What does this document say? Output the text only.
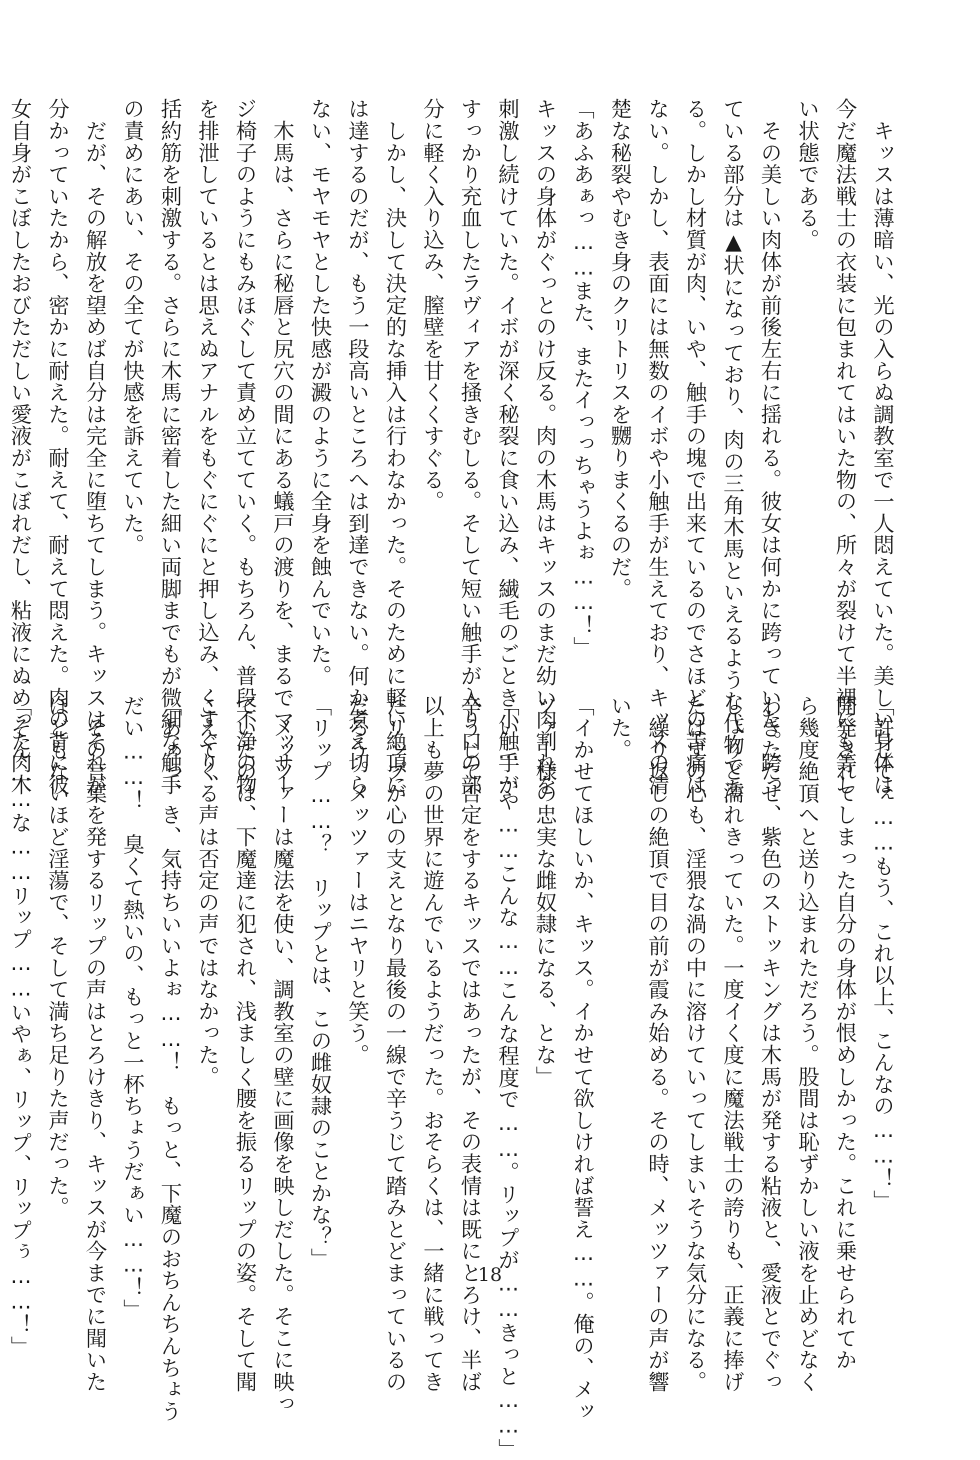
　キッスは薄暗い、光の入らぬ調教室で一人悶えていた。美しい身体は
今だ魔法戦士の衣装に包まれてはいた物の、所々が裂けて半裸にも等し
い状態である。
　その美しい肉体が前後左右に揺れる。彼女は何かに跨っていた。跨っ
ている部分は▲状になっており、肉の三角木馬といえるような代物であ
る。しかし材質が肉、いや、触手の塊で出来ているのでさほどの苦痛は
ない。しかし、表面には無数のイボや小触手が生えており、キッスの清
楚な秘裂やむき身のクリトリスを嬲りまくるのだ。
「あふあぁっ……また、またイっっちゃうよぉ……！」
キッスの身体がぐっとのけ反る。肉の木馬はキッスのまだ幼い肉割れを
刺激し続けていた。イボが深く秘裂に食い込み、繊毛のごとき小触手が
すっかり充血したラヴィアを掻きむしる。そして短い触手が入り口の部
分に軽く入り込み、膣壁を甘くくすぐる。
　しかし、決して決定的な挿入は行わなかった。そのために軽い絶頂に
は達するのだが、もう一段高いところへは到達できない。何か煮え切ら
ない、モヤモヤとした快感が澱のように全身を蝕んでいた。
　木馬は、さらに秘唇と尻穴の間にある蟻戸の渡りを、まるでマッサー
ジ椅子のようにもみほぐして責め立てていく。もちろん、普段不浄の物
を排泄しているとは思えぬアナルをもぐにぐにと押し込み、くすぐり、
括約筋を刺激する。さらに木馬に密着した細い両脚までもが微細な触手
の責めにあい、その全てが快感を訴えていた。
　だが、その解放を望めば自分は完全に堕ちてしまう。キッスはそれが
分かっていたから、密かに耐えた。耐えて、耐えて悶えた。肉の背に彼
女自身がこぼしたおびただしい愛液がこぼれだし、粘液にぬめった肉木
「許してぇ……もう、これ以上、こんなの……！」
開発されてしまった自分の身体が恨めしかった。これに乗せられてか
ら幾度絶頂へと送り込まれただろう。股間は恥ずかしい液を止めどなく
わきたたせ、紫色のストッキングは木馬が発する粘液と、愛液とでぐっ
しょりと濡れきっていた。一度イく度に魔法戦士の誇りも、正義に捧げ
たはずの心も、淫猥な渦の中に溶けていってしまいそうな気分になる。
　繰り返しの絶頂で目の前が霞み始める。その時、メッツァーの声が響
いた。
「イかせてほしいか、キッス。イかせて欲しければ誓え……。俺の、メッ
ツァー様の忠実な雌奴隷になる、とな」
「い……や……こんな……こんな程度で……。リップが……きっと……」
辛うじて否定をするキッスではあったが、その表情は既にとろけ、半ば
以上も夢の世界に遊んでいるようだった。おそらくは、一緒に戦ってき
たリップが心の支えとなり最後の一線で辛うじて踏みとどまっているの
だろう。メッツァーはニヤリと笑う。
「リップ……？　リップとは、この雌奴隷のことかな？」
　メッツァーは魔法を使い、調教室の壁に画像を映しだした。そこに映っ
ていたのは、下魔達に犯され、浅ましく腰を振るリップの姿。そして聞
こえてくる声は否定の声ではなかった。
「あぁっ、き、気持ちいいよぉ……！　もっと、下魔のおちんちんちょう
だい……！　臭くて熱いの、もっと一杯ちょうだぁい……！」
　その言葉を発するリップの声はとろけきり、キッスが今までに聞いた
ほどもないほど淫蕩で、そして満ち足りた声だった。
「そん……な……リップ……いやぁ、リップ、リップぅ……！」	18
